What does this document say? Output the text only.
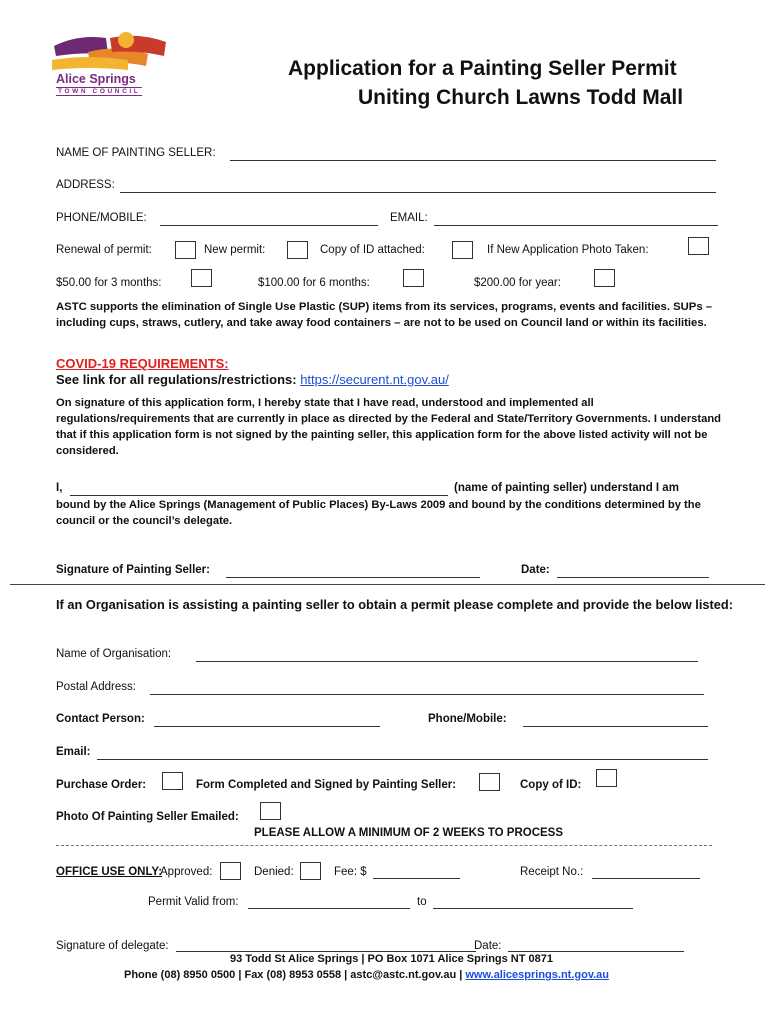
Alice Springs
TOWN COUNCIL
Application for a Painting Seller Permit
Uniting Church Lawns Todd Mall
NAME OF PAINTING SELLER:
ADDRESS:
PHONE/MOBILE:	EMAIL:
Renewal of permit:	New permit:	Copy of ID attached:	If New Application Photo Taken:
$50.00 for 3 months:	$100.00 for 6 months:	$200.00 for year:
ASTC supports the elimination of Single Use Plastic (SUP) items from its services, programs, events and facilities. SUPs – including cups, straws, cutlery, and take away food containers – are not to be used on Council land or within its facilities.
COVID-19 REQUIREMENTS:
See link for all regulations/restrictions: https://securent.nt.gov.au/
On signature of this application form, I hereby state that I have read, understood and implemented all regulations/requirements that are currently in place as directed by the Federal and State/Territory Governments. I understand that if this application form is not signed by the painting seller, this application form for the above listed activity will not be considered.
I,	(name of painting seller) understand I am
bound by the Alice Springs (Management of Public Places) By-Laws 2009 and bound by the conditions determined by the council or the council’s delegate.
Signature of Painting Seller:	Date:
If an Organisation is assisting a painting seller to obtain a permit please complete and provide the below listed:
Name of Organisation:
Postal Address:
Contact Person:	Phone/Mobile:
Email:
Purchase Order:	Form Completed and Signed by Painting Seller:	Copy of ID:
Photo Of Painting Seller Emailed:
PLEASE ALLOW A MINIMUM OF 2 WEEKS TO PROCESS
OFFICE USE ONLY:
Approved:	Denied:	Fee: $	Receipt No.:
Permit Valid from:	to
Signature of delegate:	Date:
93 Todd St Alice Springs | PO Box 1071 Alice Springs NT 0871
Phone (08) 8950 0500 | Fax (08) 8953 0558 | astc@astc.nt.gov.au | www.alicesprings.nt.gov.au
